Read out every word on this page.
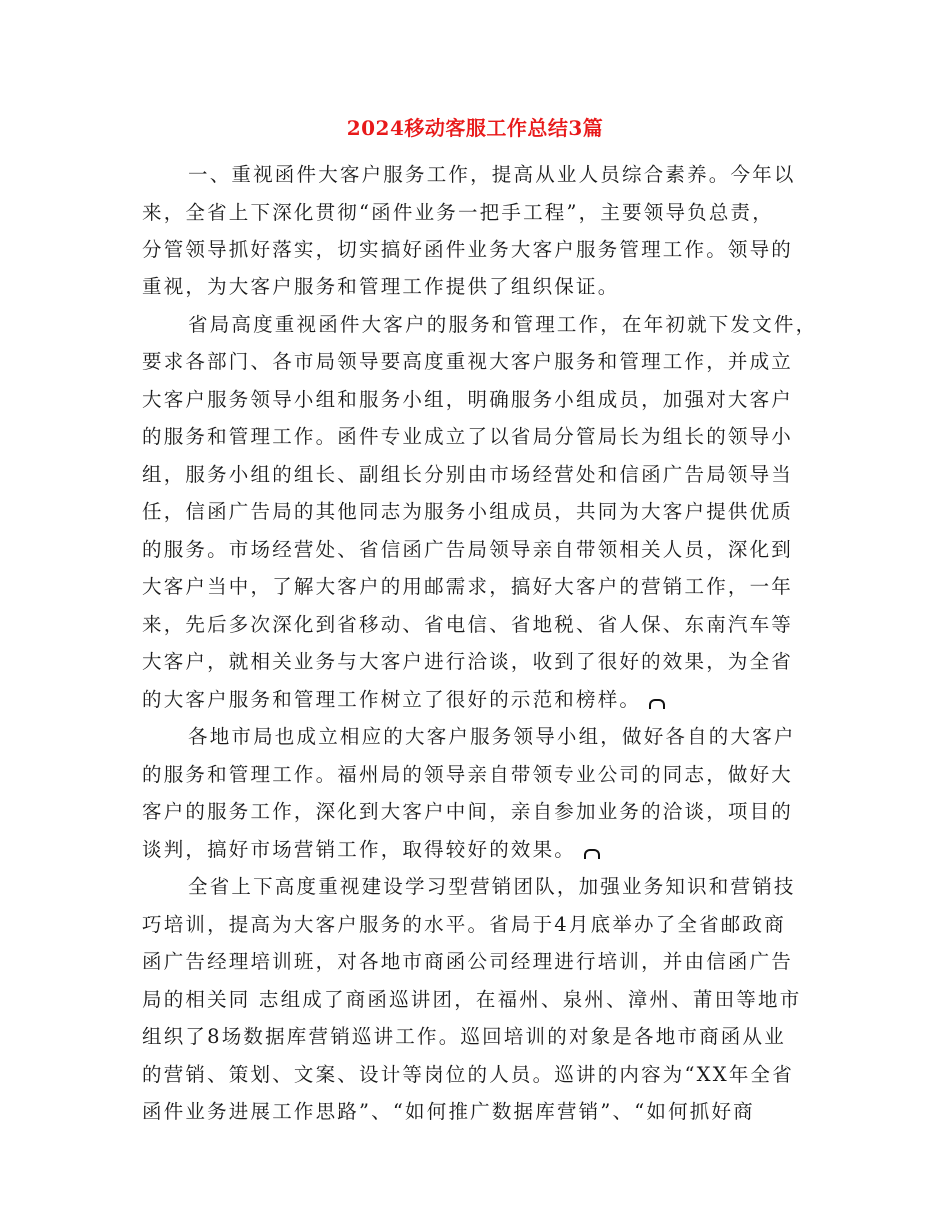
2024移动客服工作总结3篇
一、重视函件大客户服务工作，提高从业人员综合素养。今年以
来，全省上下深化贯彻“函件业务一把手工程”，主要领导负总责，
分管领导抓好落实，切实搞好函件业务大客户服务管理工作。领导的
重视，为大客户服务和管理工作提供了组织保证。
省局高度重视函件大客户的服务和管理工作，在年初就下发文件，
要求各部门、各市局领导要高度重视大客户服务和管理工作，并成立
大客户服务领导小组和服务小组，明确服务小组成员，加强对大客户
的服务和管理工作。函件专业成立了以省局分管局长为组长的领导小
组，服务小组的组长、副组长分别由市场经营处和信函广告局领导当
任，信函广告局的其他同志为服务小组成员，共同为大客户提供优质
的服务。市场经营处、省信函广告局领导亲自带领相关人员，深化到
大客户当中，了解大客户的用邮需求，搞好大客户的营销工作，一年
来，先后多次深化到省移动、省电信、省地税、省人保、东南汽车等
大客户，就相关业务与大客户进行洽谈，收到了很好的效果，为全省
的大客户服务和管理工作树立了很好的示范和榜样。
各地市局也成立相应的大客户服务领导小组，做好各自的大客户
的服务和管理工作。福州局的领导亲自带领专业公司的同志，做好大
客户的服务工作，深化到大客户中间，亲自参加业务的洽谈，项目的
谈判，搞好市场营销工作，取得较好的效果。
全省上下高度重视建设学习型营销团队，加强业务知识和营销技
巧培训，提高为大客户服务的水平。省局于4月底举办了全省邮政商
函广告经理培训班，对各地市商函公司经理进行培训，并由信函广告
局的相关同 志组成了商函巡讲团，在福州、泉州、漳州、莆田等地市
组织了8场数据库营销巡讲工作。巡回培训的对象是各地市商函从业
的营销、策划、文案、设计等岗位的人员。巡讲的内容为“XX年全省
函件业务进展工作思路”、“如何推广数据库营销”、“如何抓好商
